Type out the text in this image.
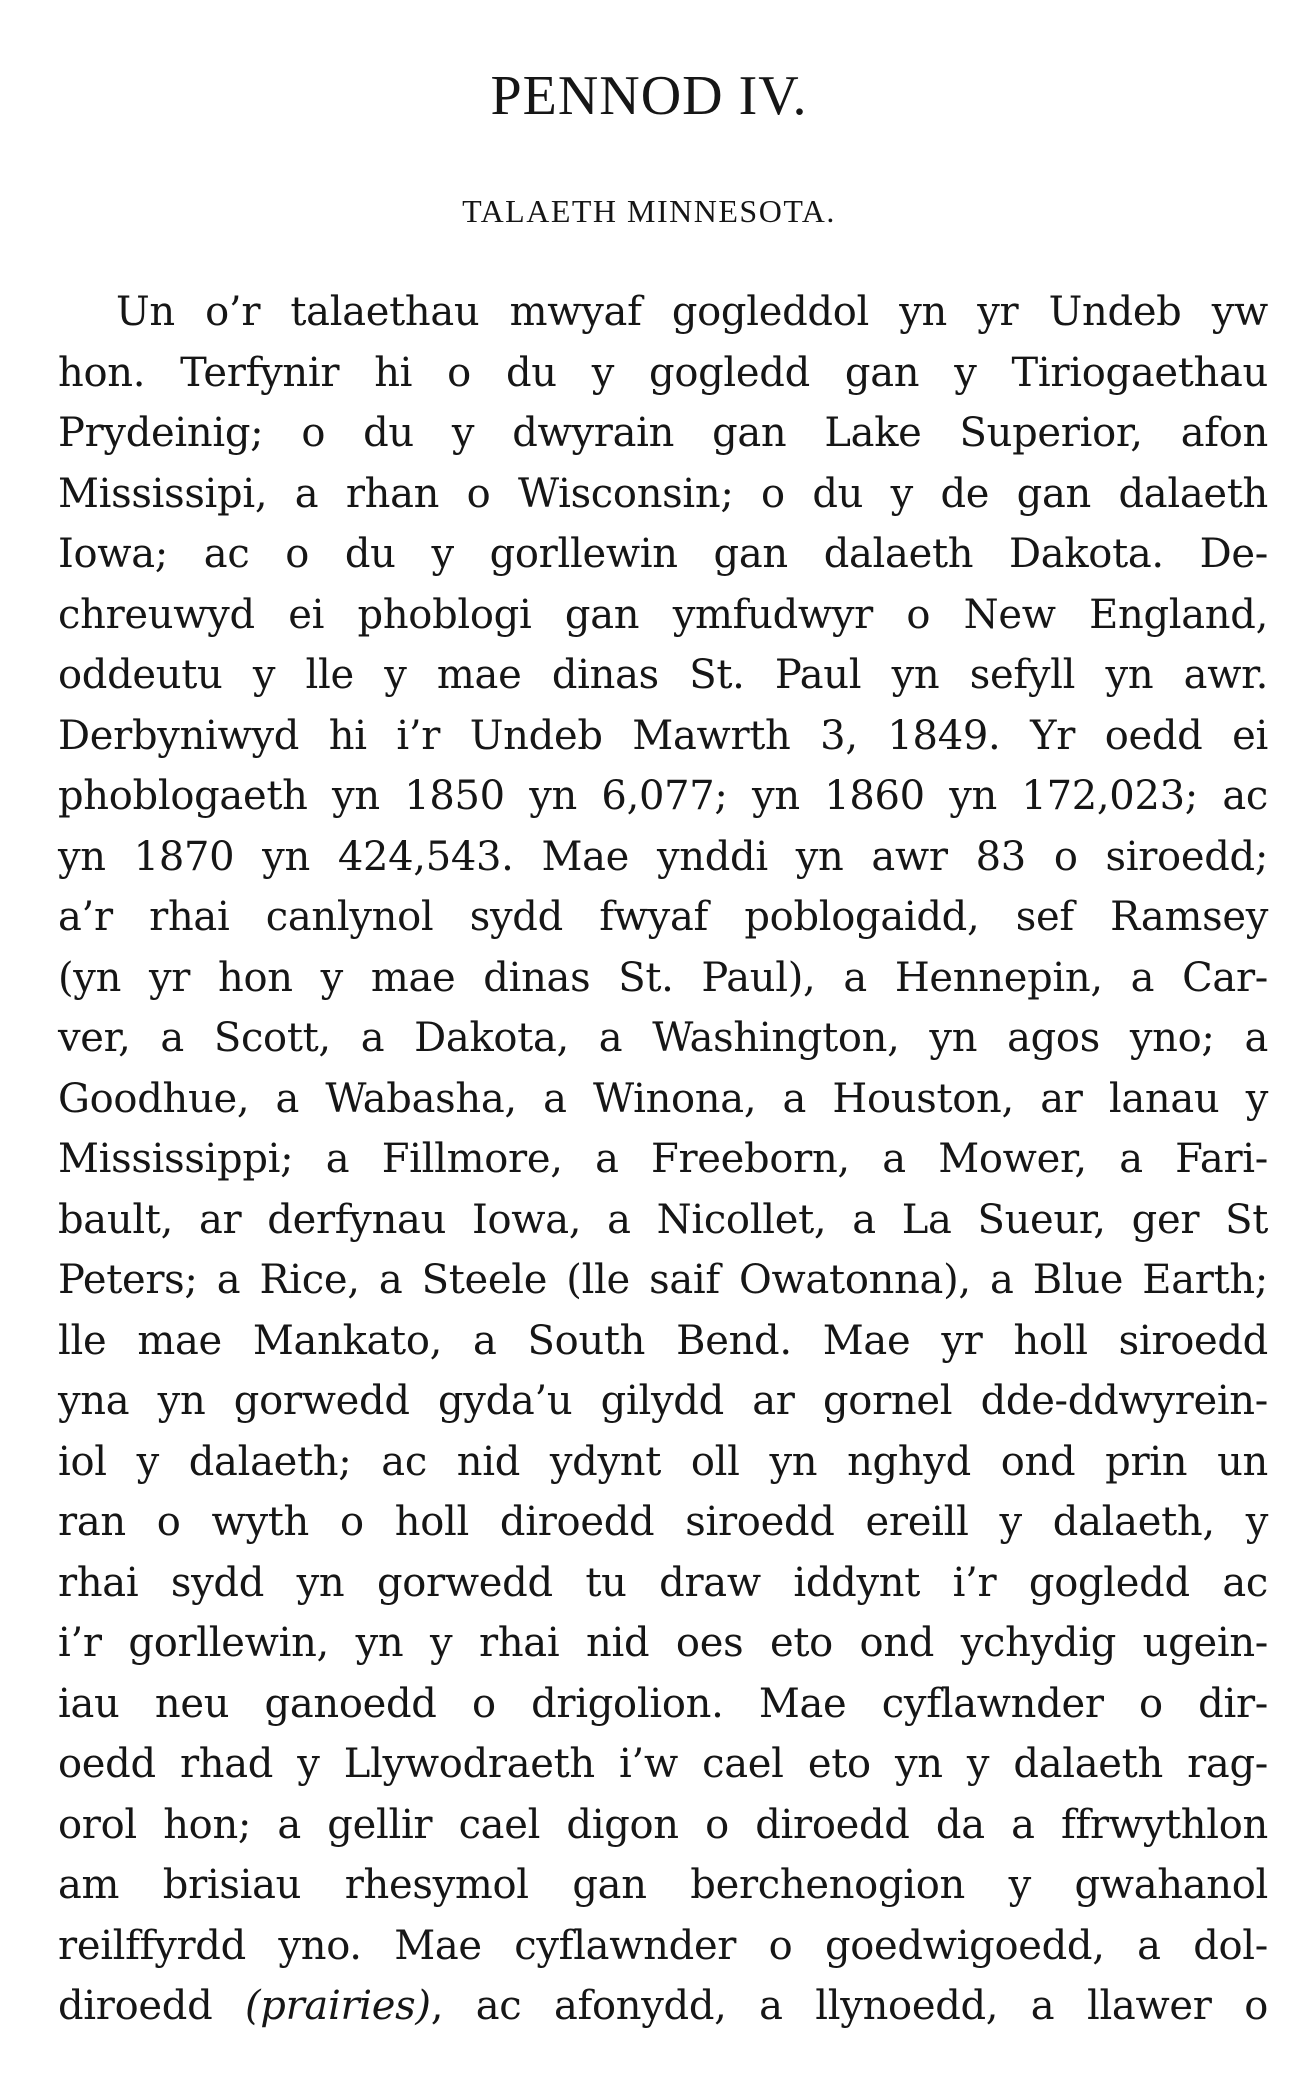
PENNOD IV.
TALAETH MINNESOTA.
Un o’r talaethau mwyaf gogleddol yn yr Undeb yw
hon. Terfynir hi o du y gogledd gan y Tiriogaethau
Prydeinig; o du y dwyrain gan Lake Superior, afon
Mississipi, a rhan o Wisconsin; o du y de gan dalaeth
Iowa; ac o du y gorllewin gan dalaeth Dakota. De-
chreuwyd ei phoblogi gan ymfudwyr o New England,
oddeutu y lle y mae dinas St. Paul yn sefyll yn awr.
Derbyniwyd hi i’r Undeb Mawrth 3, 1849. Yr oedd ei
phoblogaeth yn 1850 yn 6,077; yn 1860 yn 172,023; ac
yn 1870 yn 424,543. Mae ynddi yn awr 83 o siroedd;
a’r rhai canlynol sydd fwyaf poblogaidd, sef Ramsey
(yn yr hon y mae dinas St. Paul), a Hennepin, a Car-
ver, a Scott, a Dakota, a Washington, yn agos yno; a
Goodhue, a Wabasha, a Winona, a Houston, ar lanau y
Mississippi; a Fillmore, a Freeborn, a Mower, a Fari-
bault, ar derfynau Iowa, a Nicollet, a La Sueur, ger St
Peters; a Rice, a Steele (lle saif Owatonna), a Blue Earth;
lle mae Mankato, a South Bend. Mae yr holl siroedd
yna yn gorwedd gyda’u gilydd ar gornel dde-ddwyrein-
iol y dalaeth; ac nid ydynt oll yn nghyd ond prin un
ran o wyth o holl diroedd siroedd ereill y dalaeth, y
rhai sydd yn gorwedd tu draw iddynt i’r gogledd ac
i’r gorllewin, yn y rhai nid oes eto ond ychydig ugein-
iau neu ganoedd o drigolion. Mae cyflawnder o dir-
oedd rhad y Llywodraeth i’w cael eto yn y dalaeth rag-
orol hon; a gellir cael digon o diroedd da a ffrwythlon
am brisiau rhesymol gan berchenogion y gwahanol
reilffyrdd yno. Mae cyflawnder o goedwigoedd, a dol-
diroedd (prairies), ac afonydd, a llynoedd, a llawer o
